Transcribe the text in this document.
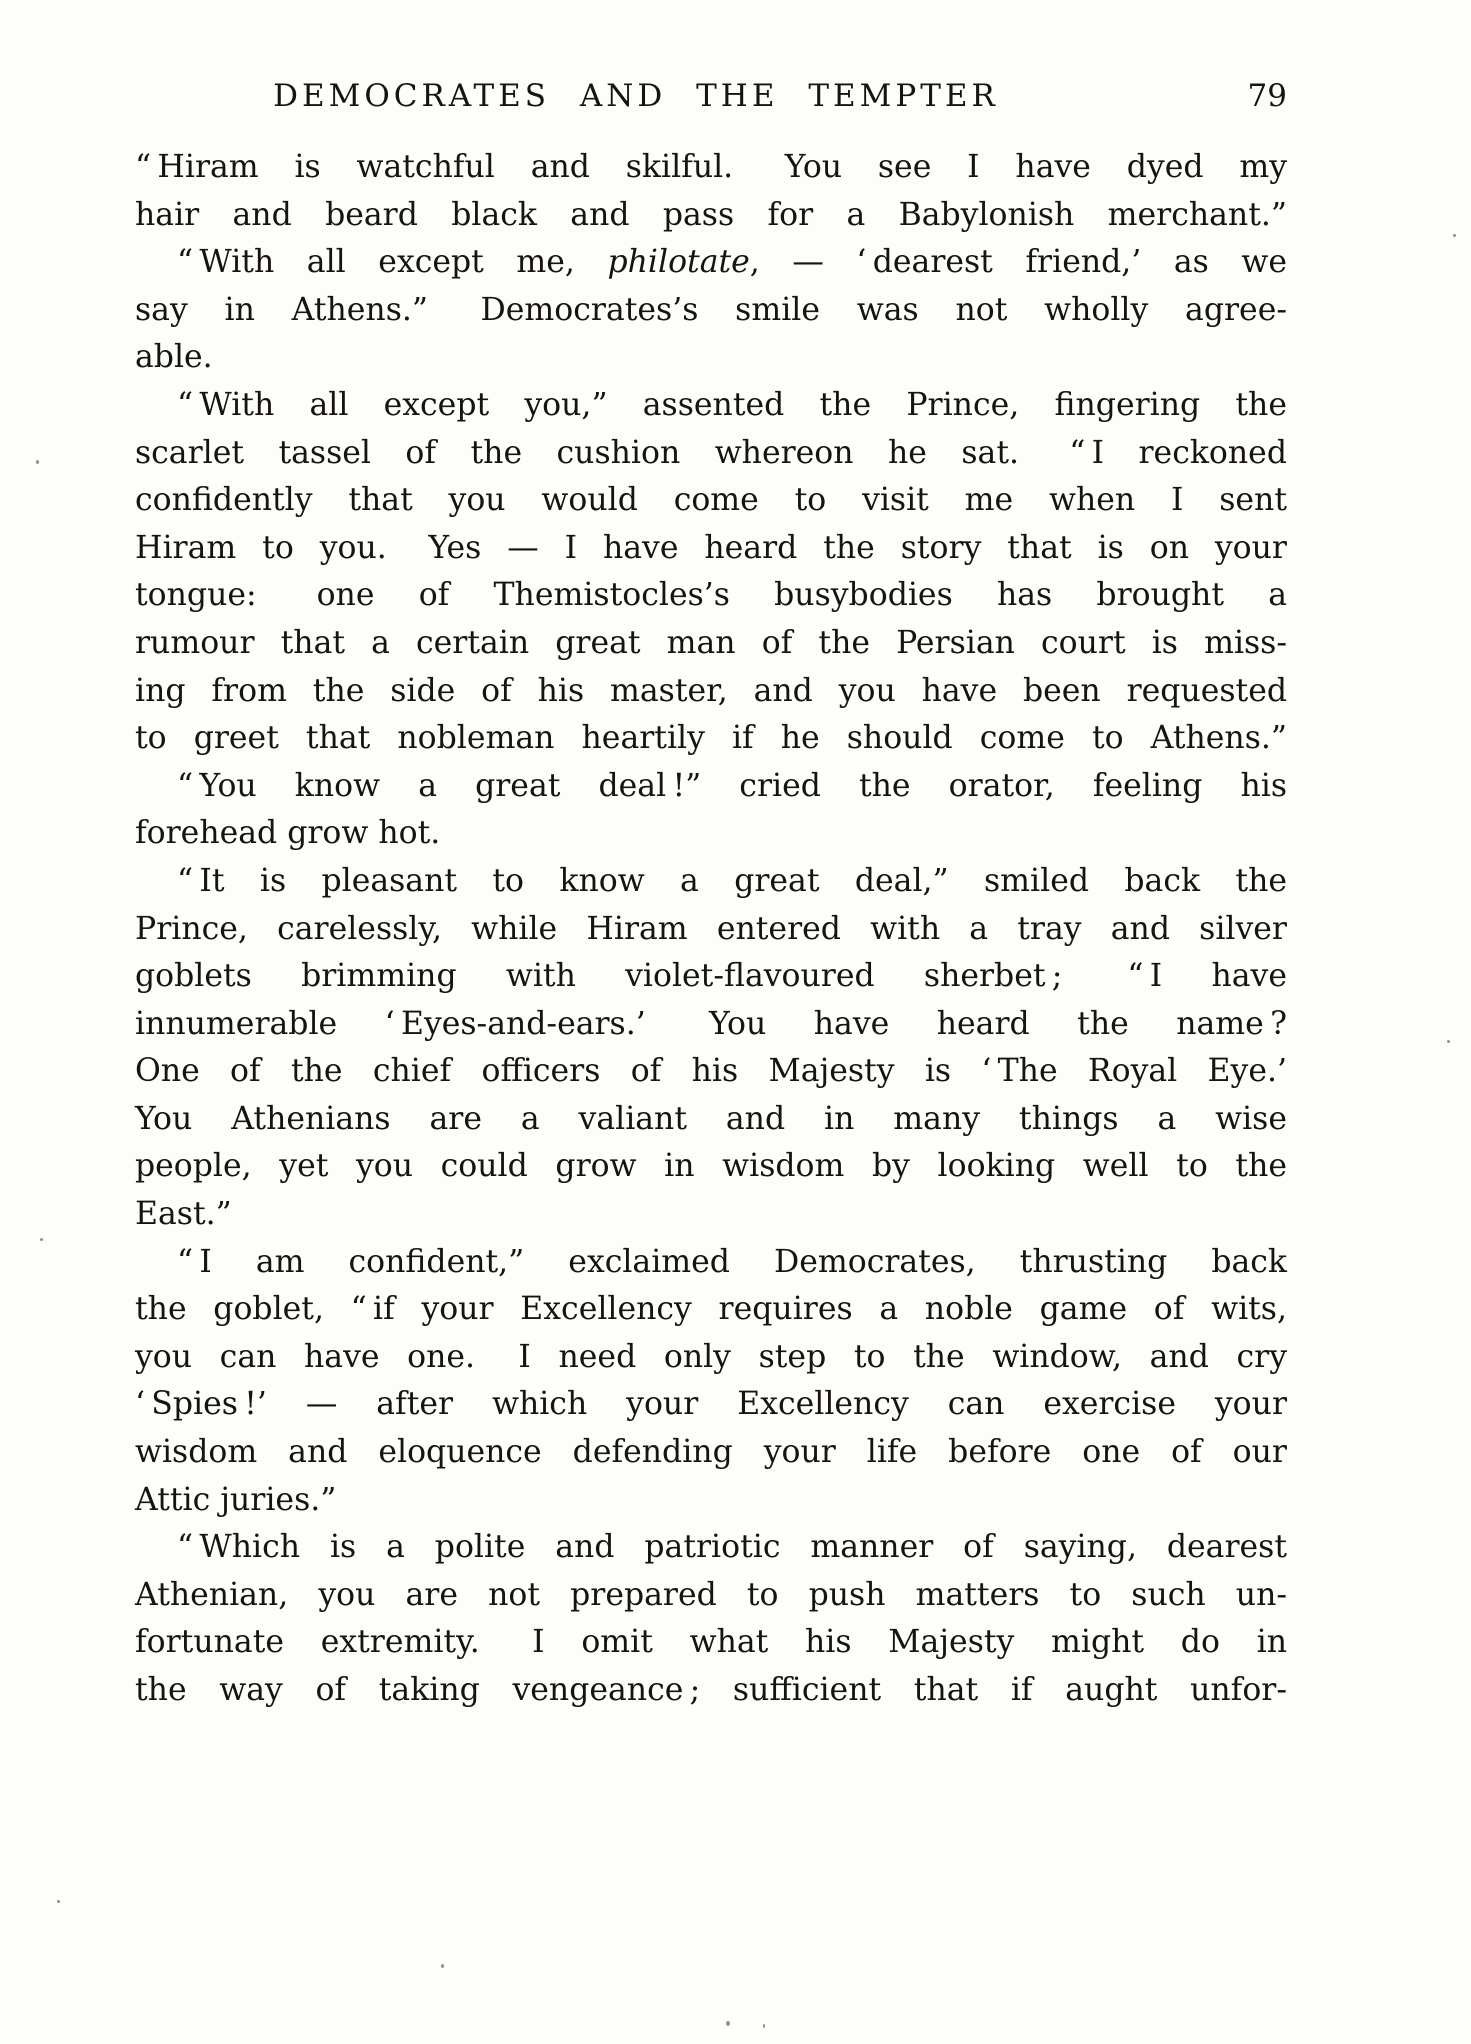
DEMOCRATES AND THE TEMPTER	79
“ Hiram is watchful and skilful.  You see I have dyed my
hair and beard black and pass for a Babylonish merchant.”
“ With all except me, philotate, — ‘ dearest friend,’ as we
say in Athens.”  Democrates’s smile was not wholly agree-
able.
“ With all except you,” assented the Prince, fingering the
scarlet tassel of the cushion whereon he sat.  “ I reckoned
confidently that you would come to visit me when I sent
Hiram to you.  Yes — I have heard the story that is on your
tongue:  one of Themistocles’s busybodies has brought a
rumour that a certain great man of the Persian court is miss-
ing from the side of his master, and you have been requested
to greet that nobleman heartily if he should come to Athens.”
“ You know a great deal !” cried the orator, feeling his
forehead grow hot.
“ It is pleasant to know a great deal,” smiled back the
Prince, carelessly, while Hiram entered with a tray and silver
goblets brimming with violet-flavoured sherbet ;  “ I have
innumerable ‘ Eyes-and-ears.’  You have heard the name ?
One of the chief officers of his Majesty is ‘ The Royal Eye.’
You Athenians are a valiant and in many things a wise
people, yet you could grow in wisdom by looking well to the
East.”
“ I am confident,” exclaimed Democrates, thrusting back
the goblet, “ if your Excellency requires a noble game of wits,
you can have one.  I need only step to the window, and cry
‘ Spies !’ — after which your Excellency can exercise your
wisdom and eloquence defending your life before one of our
Attic juries.”
“ Which is a polite and patriotic manner of saying, dearest
Athenian, you are not prepared to push matters to such un-
fortunate extremity.  I omit what his Majesty might do in
the way of taking vengeance ; sufficient that if aught unfor-
